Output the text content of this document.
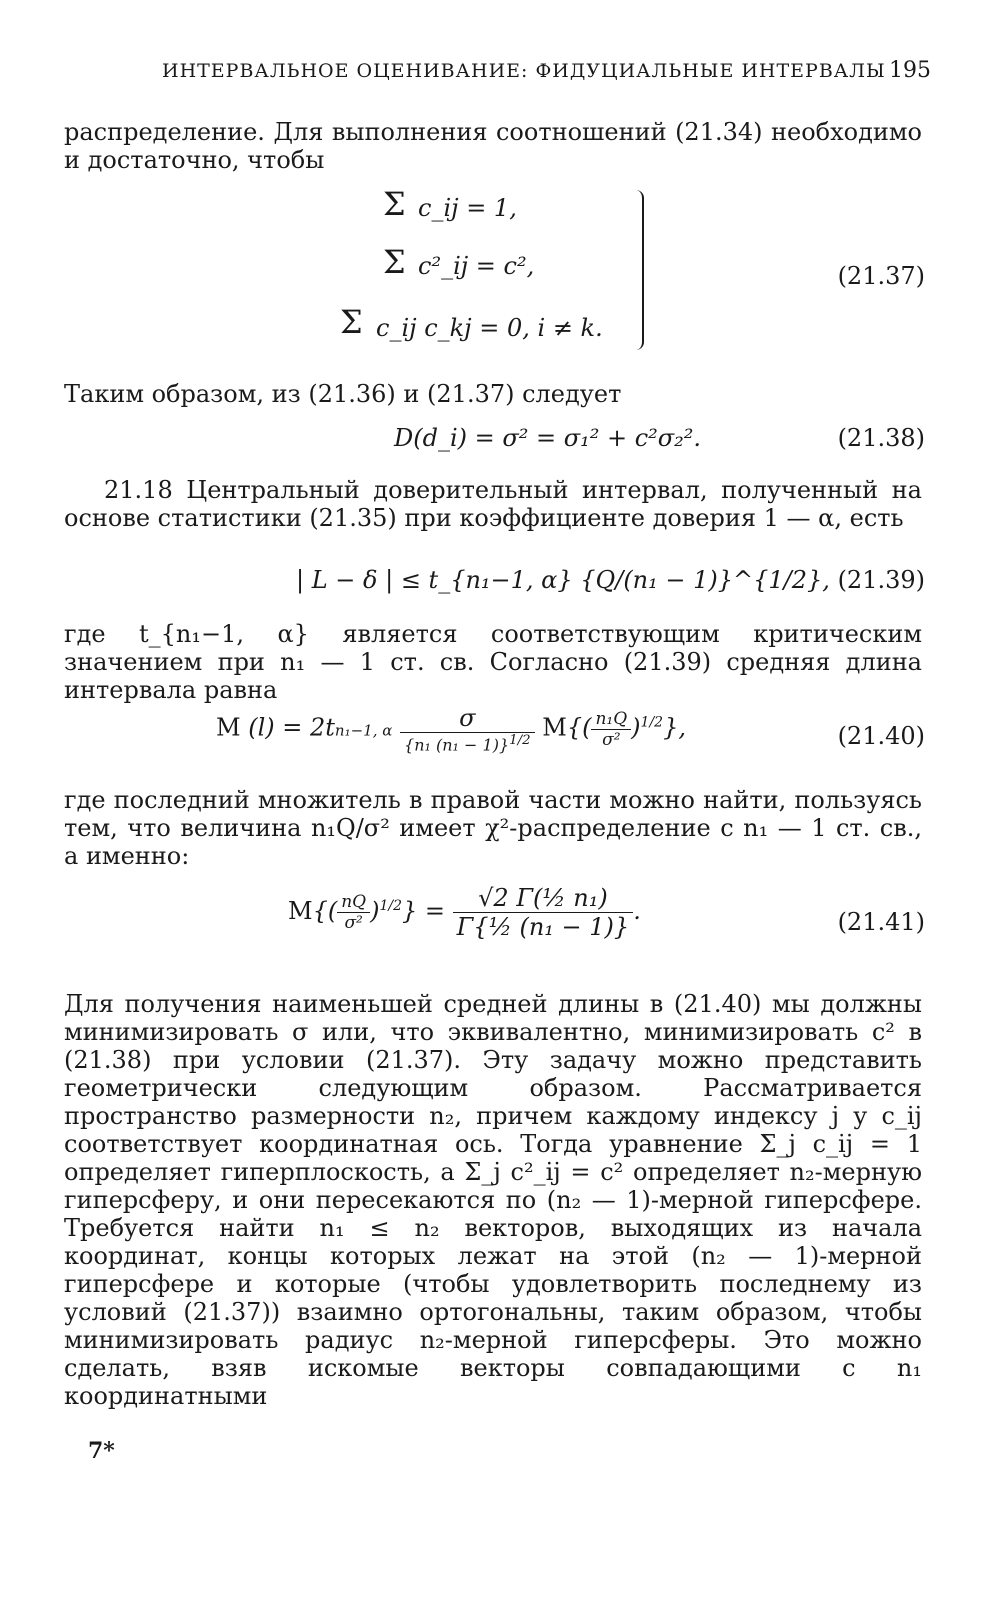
ИНТЕРВАЛЬНОЕ ОЦЕНИВАНИЕ: ФИДУЦИАЛЬНЫЕ ИНТЕРВАЛЫ 195
распределение. Для выполнения соотношений (21.34) необходимо и достаточно, чтобы
Σ c_ij = 1,
Σ c²_ij = c²,
Σ c_ij c_kj = 0, i ≠ k.
(21.37)
Таким образом, из (21.36) и (21.37) следует
D(d_i) = σ² = σ₁² + c²σ₂².	(21.38)
21.18 Центральный доверительный интервал, полученный на основе статистики (21.35) при коэффициенте доверия 1 — α, есть
| L − δ | ≤ t_{n₁−1, α} {Q/(n₁ − 1)}^{1/2}, (21.39)
где t_{n₁−1, α} является соответствующим критическим значением при n₁ — 1 ст. св. Согласно (21.39) средняя длина интервала равна
M (l) = 2tn₁−1, α $\frac{\sigma}{\{n_1 (n_1 - 1)\}^{1/2}} M\{( \frac{\text{n₁Q}}{\text{σ²}} )^{1/2}\}$,	(21.40)
где последний множитель в правой части можно найти, пользуясь тем, что величина n₁Q/σ² имеет χ²-распределение с n₁ — 1 ст. св., а именно:
$M\{( \frac{nQ}{\text{σ²}} )^{1/2}\} = \frac{\text{√2 Γ(½ n₁)}}{\text{Γ\{½ (n₁ − 1)\}}}$ .	(21.41)
Для получения наименьшей средней длины в (21.40) мы должны минимизировать σ или, что эквивалентно, минимизировать c² в (21.38) при условии (21.37). Эту задачу можно представить геометрически следующим образом. Рассматривается пространство размерности n₂, причем каждому индексу j у c_ij соответствует координатная ось. Тогда уравнение Σ_j c_ij = 1 определяет гиперплоскость, а Σ_j c²_ij = c² определяет n₂-мерную гиперсферу, и они пересекаются по (n₂ — 1)-мерной гиперсфере. Требуется найти n₁ ≤ n₂ векторов, выходящих из начала координат, концы которых лежат на этой (n₂ — 1)-мерной гиперсфере и которые (чтобы удовлетворить последнему из условий (21.37)) взаимно ортогональны, таким образом, чтобы минимизировать радиус n₂-мерной гиперсферы. Это можно сделать, взяв искомые векторы совпадающими с n₁ координатными
7*
